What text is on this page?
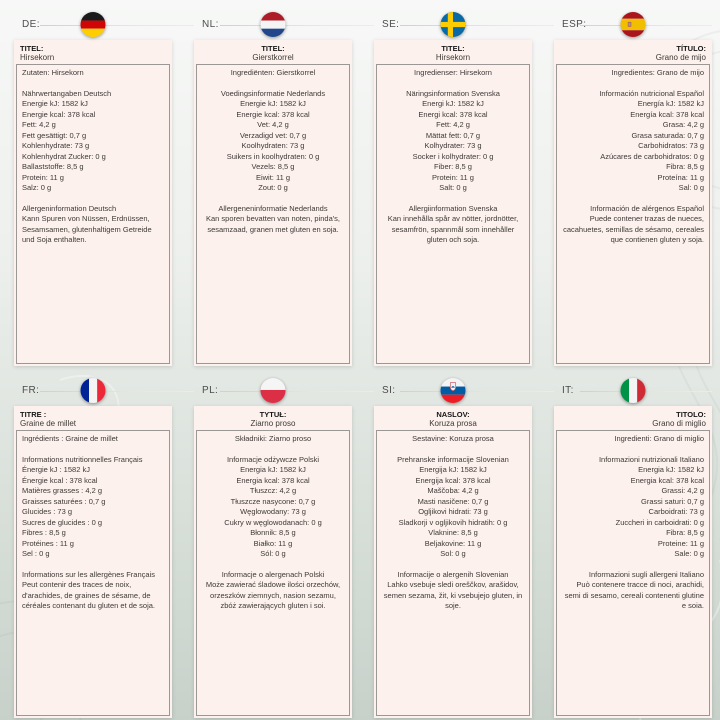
DE:
TITEL:
Hirsekorn
Zutaten: Hirsekorn
Nährwertangaben Deutsch
Energie kJ: 1582 kJ
Energie kcal: 378 kcal
Fett: 4,2 g
Fett gesättigt: 0,7 g
Kohlenhydrate: 73 g
Kohlenhydrat Zucker: 0 g
Ballaststoffe: 8,5 g
Protein: 11 g
Salz: 0 g
Allergeninformation Deutsch
Kann Spuren von Nüssen, Erdnüssen, Sesamsamen, glutenhaltigem Getreide und Soja enthalten.
NL:
TITEL:
Gierstkorrel
Ingrediënten: Gierstkorrel
Voedingsinformatie Nederlands
Energie kJ: 1582 kJ
Energie kcal: 378 kcal
Vet: 4,2 g
Verzadigd vet: 0,7 g
Koolhydraten: 73 g
Suikers in koolhydraten: 0 g
Vezels: 8,5 g
Eiwit: 11 g
Zout: 0 g
Allergeneninformatie Nederlands
Kan sporen bevatten van noten, pinda's, sesamzaad, granen met gluten en soja.
SE:
TITEL:
Hirsekorn
Ingredienser: Hirsekorn
Näringsinformation Svenska
Energi kJ: 1582 kJ
Energi kcal: 378 kcal
Fett: 4,2 g
Mättat fett: 0,7 g
Kolhydrater: 73 g
Socker i kolhydrater: 0 g
Fiber: 8,5 g
Protein: 11 g
Salt: 0 g
Allergiinformation Svenska
Kan innehålla spår av nötter, jordnötter, sesamfrön, spannmål som innehåller gluten och soja.
ESP:
TÍTULO:
Grano de mijo
Ingredientes: Grano de mijo
Información nutricional Español
Energía kJ: 1582 kJ
Energía kcal: 378 kcal
Grasa: 4,2 g
Grasa saturada: 0,7 g
Carbohidratos: 73 g
Azúcares de carbohidratos: 0 g
Fibra: 8,5 g
Proteína: 11 g
Sal: 0 g
Información de alérgenos Español
Puede contener trazas de nueces, cacahuetes, semillas de sésamo, cereales que contienen gluten y soja.
FR:
TITRE :
Graine de millet
Ingrédients : Graine de millet
Informations nutritionnelles Français
Énergie kJ : 1582 kJ
Énergie kcal : 378 kcal
Matières grasses : 4,2 g
Graisses saturées : 0,7 g
Glucides : 73 g
Sucres de glucides : 0 g
Fibres : 8,5 g
Protéines : 11 g
Sel : 0 g
Informations sur les allergènes Français
Peut contenir des traces de noix, d'arachides, de graines de sésame, de céréales contenant du gluten et de soja.
PL:
TYTUŁ:
Ziarno proso
Składniki: Ziarno proso
Informacje odżywcze Polski
Energia kJ: 1582 kJ
Energia kcal: 378 kcal
Tłuszcz: 4,2 g
Tłuszcze nasycone: 0,7 g
Węglowodany: 73 g
Cukry w węglowodanach: 0 g
Błonnik: 8,5 g
Białko: 11 g
Sól: 0 g
Informacje o alergenach Polski
Może zawierać śladowe ilości orzechów, orzeszków ziemnych, nasion sezamu, zbóż zawierających gluten i soi.
SI:
NASLOV:
Koruza prosa
Sestavine: Koruza prosa
Prehranske informacije Slovenian
Energija kJ: 1582 kJ
Energija kcal: 378 kcal
Maščoba: 4,2 g
Masti nasičene: 0,7 g
Ogljikovi hidrati: 73 g
Sladkorji v ogljikovih hidratih: 0 g
Vlaknine: 8,5 g
Beljakovine: 11 g
Sol: 0 g
Informacije o alergenih Slovenian
Lahko vsebuje sledi oreščkov, arašidov, semen sezama, žit, ki vsebujejo gluten, in soje.
IT:
TITOLO:
Grano di miglio
Ingredienti: Grano di miglio
Informazioni nutrizionali Italiano
Energia kJ: 1582 kJ
Energia kcal: 378 kcal
Grassi: 4,2 g
Grassi saturi: 0,7 g
Carboidrati: 73 g
Zuccheri in carboidrati: 0 g
Fibra: 8,5 g
Proteine: 11 g
Sale: 0 g
Informazioni sugli allergeni Italiano
Può contenere tracce di noci, arachidi, semi di sesamo, cereali contenenti glutine e soia.
